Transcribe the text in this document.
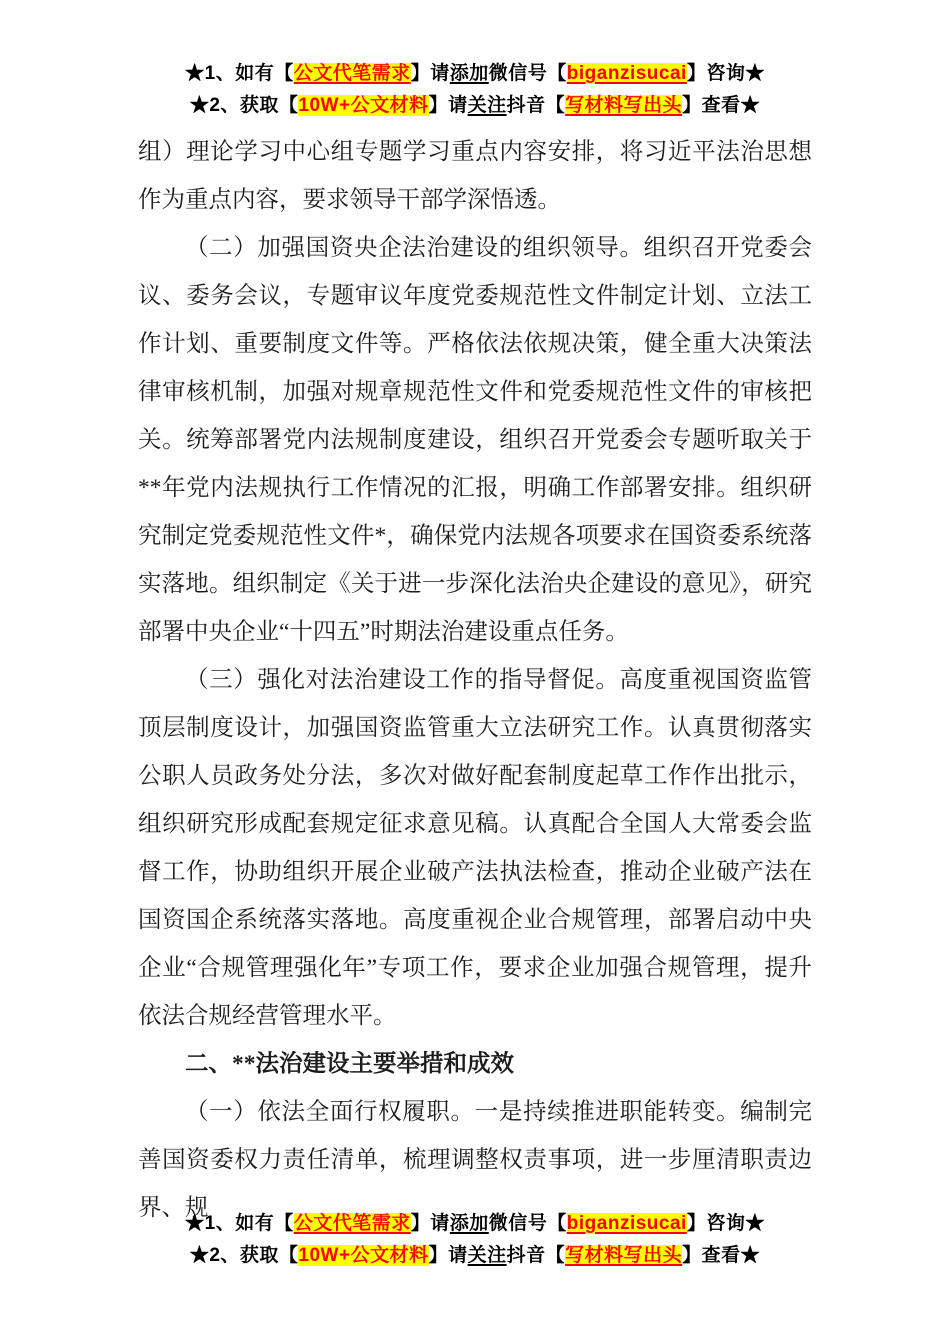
★1、如有【公文代笔需求】请添加微信号【biganzisucai】咨询★
★2、获取【10W+公文材料】请关注抖音【写材料写出头】查看★

组）理论学习中心组专题学习重点内容安排，将习近平法治思想作为重点内容，要求领导干部学深悟透。

（二）加强国资央企法治建设的组织领导。组织召开党委会议、委务会议，专题审议年度党委规范性文件制定计划、立法工作计划、重要制度文件等。严格依法依规决策，健全重大决策法律审核机制，加强对规章规范性文件和党委规范性文件的审核把关。统筹部署党内法规制度建设，组织召开党委会专题听取关于**年党内法规执行工作情况的汇报，明确工作部署安排。组织研究制定党委规范性文件*，确保党内法规各项要求在国资委系统落实落地。组织制定《关于进一步深化法治央企建设的意见》，研究部署中央企业“十四五”时期法治建设重点任务。

（三）强化对法治建设工作的指导督促。高度重视国资监管顶层制度设计，加强国资监管重大立法研究工作。认真贯彻落实公职人员政务处分法，多次对做好配套制度起草工作作出批示，组织研究形成配套规定征求意见稿。认真配合全国人大常委会监督工作，协助组织开展企业破产法执法检查，推动企业破产法在国资国企系统落实落地。高度重视企业合规管理，部署启动中央企业“合规管理强化年”专项工作，要求企业加强合规管理，提升依法合规经营管理水平。

二、**法治建设主要举措和成效

（一）依法全面行权履职。一是持续推进职能转变。编制完善国资委权力责任清单，梳理调整权责事项，进一步厘清职责边界、规

★1、如有【公文代笔需求】请添加微信号【biganzisucai】咨询★
★2、获取【10W+公文材料】请关注抖音【写材料写出头】查看★
